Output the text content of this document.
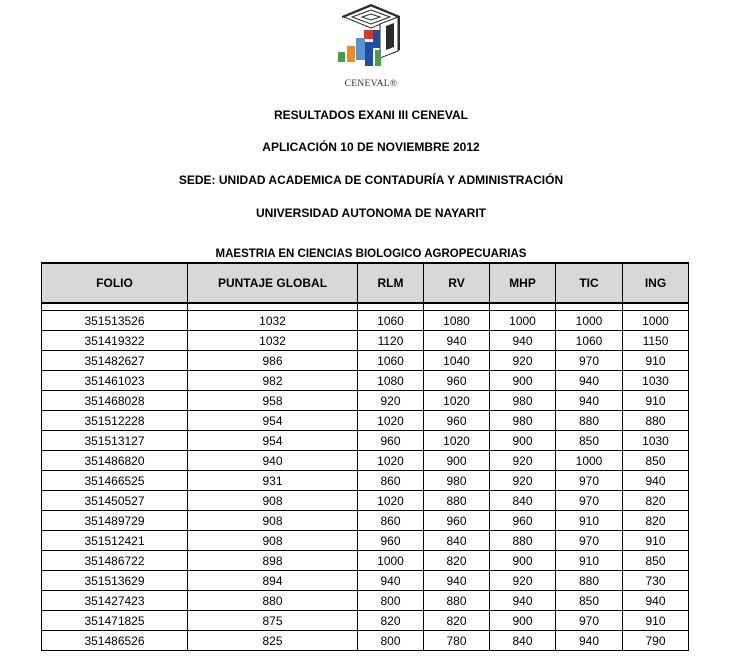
CENEVAL®
RESULTADOS EXANI III CENEVAL
APLICACIÓN 10 DE NOVIEMBRE 2012
SEDE: UNIDAD ACADEMICA DE CONTADURÍA Y ADMINISTRACIÓN
UNIVERSIDAD AUTONOMA DE NAYARIT
MAESTRIA EN CIENCIAS BIOLOGICO AGROPECUARIAS
FOLIO	PUNTAJE GLOBAL	RLM	RV	MHP	TIC	ING

351513526	1032	1060	1080	1000	1000	1000
351419322	1032	1120	940	940	1060	1150
351482627	986	1060	1040	920	970	910
351461023	982	1080	960	900	940	1030
351468028	958	920	1020	980	940	910
351512228	954	1020	960	980	880	880
351513127	954	960	1020	900	850	1030
351486820	940	1020	900	920	1000	850
351466525	931	860	980	920	970	940
351450527	908	1020	880	840	970	820
351489729	908	860	960	960	910	820
351512421	908	960	840	880	970	910
351486722	898	1000	820	900	910	850
351513629	894	940	940	920	880	730
351427423	880	800	880	940	850	940
351471825	875	820	820	900	970	910
351486526	825	800	780	840	940	790
